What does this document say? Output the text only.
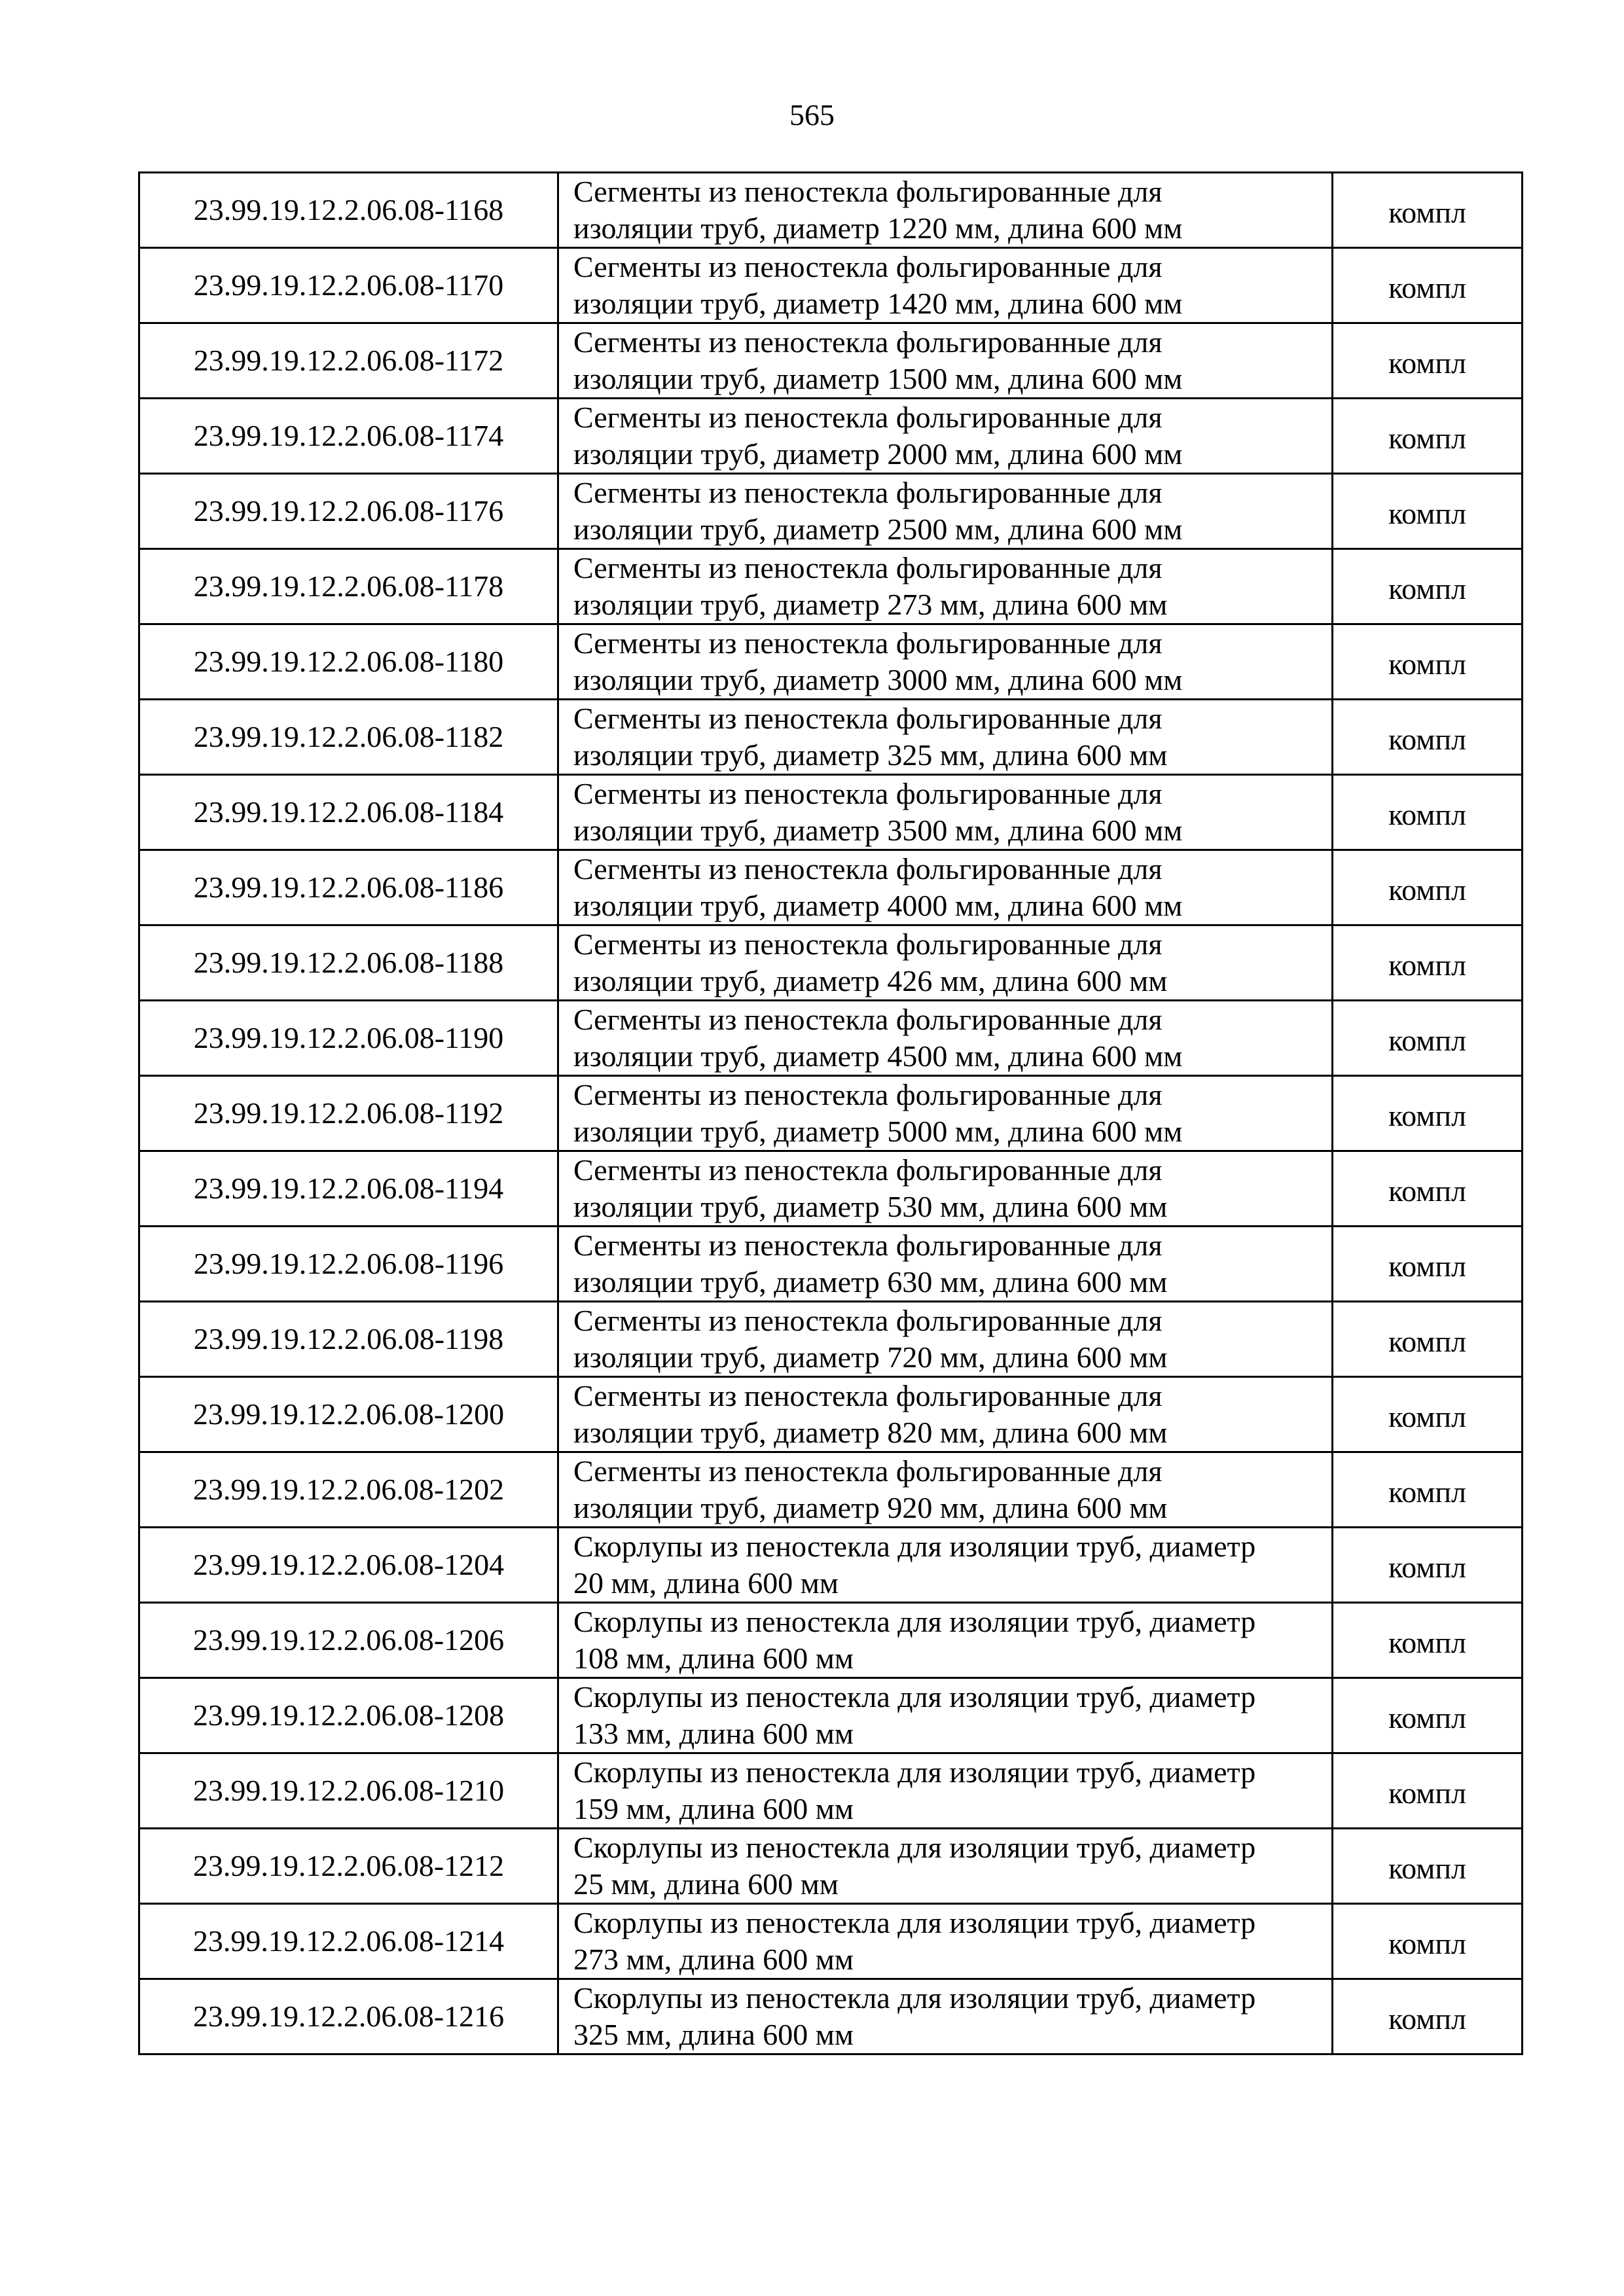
565
23.99.19.12.2.06.08-1168	Сегменты из пеностекла фольгированные для
изоляции труб, диаметр 1220 мм, длина 600 мм	компл
23.99.19.12.2.06.08-1170	Сегменты из пеностекла фольгированные для
изоляции труб, диаметр 1420 мм, длина 600 мм	компл
23.99.19.12.2.06.08-1172	Сегменты из пеностекла фольгированные для
изоляции труб, диаметр 1500 мм, длина 600 мм	компл
23.99.19.12.2.06.08-1174	Сегменты из пеностекла фольгированные для
изоляции труб, диаметр 2000 мм, длина 600 мм	компл
23.99.19.12.2.06.08-1176	Сегменты из пеностекла фольгированные для
изоляции труб, диаметр 2500 мм, длина 600 мм	компл
23.99.19.12.2.06.08-1178	Сегменты из пеностекла фольгированные для
изоляции труб, диаметр 273 мм, длина 600 мм	компл
23.99.19.12.2.06.08-1180	Сегменты из пеностекла фольгированные для
изоляции труб, диаметр 3000 мм, длина 600 мм	компл
23.99.19.12.2.06.08-1182	Сегменты из пеностекла фольгированные для
изоляции труб, диаметр 325 мм, длина 600 мм	компл
23.99.19.12.2.06.08-1184	Сегменты из пеностекла фольгированные для
изоляции труб, диаметр 3500 мм, длина 600 мм	компл
23.99.19.12.2.06.08-1186	Сегменты из пеностекла фольгированные для
изоляции труб, диаметр 4000 мм, длина 600 мм	компл
23.99.19.12.2.06.08-1188	Сегменты из пеностекла фольгированные для
изоляции труб, диаметр 426 мм, длина 600 мм	компл
23.99.19.12.2.06.08-1190	Сегменты из пеностекла фольгированные для
изоляции труб, диаметр 4500 мм, длина 600 мм	компл
23.99.19.12.2.06.08-1192	Сегменты из пеностекла фольгированные для
изоляции труб, диаметр 5000 мм, длина 600 мм	компл
23.99.19.12.2.06.08-1194	Сегменты из пеностекла фольгированные для
изоляции труб, диаметр 530 мм, длина 600 мм	компл
23.99.19.12.2.06.08-1196	Сегменты из пеностекла фольгированные для
изоляции труб, диаметр 630 мм, длина 600 мм	компл
23.99.19.12.2.06.08-1198	Сегменты из пеностекла фольгированные для
изоляции труб, диаметр 720 мм, длина 600 мм	компл
23.99.19.12.2.06.08-1200	Сегменты из пеностекла фольгированные для
изоляции труб, диаметр 820 мм, длина 600 мм	компл
23.99.19.12.2.06.08-1202	Сегменты из пеностекла фольгированные для
изоляции труб, диаметр 920 мм, длина 600 мм	компл
23.99.19.12.2.06.08-1204	Скорлупы из пеностекла для изоляции труб, диаметр
20 мм, длина 600 мм	компл
23.99.19.12.2.06.08-1206	Скорлупы из пеностекла для изоляции труб, диаметр
108 мм, длина 600 мм	компл
23.99.19.12.2.06.08-1208	Скорлупы из пеностекла для изоляции труб, диаметр
133 мм, длина 600 мм	компл
23.99.19.12.2.06.08-1210	Скорлупы из пеностекла для изоляции труб, диаметр
159 мм, длина 600 мм	компл
23.99.19.12.2.06.08-1212	Скорлупы из пеностекла для изоляции труб, диаметр
25 мм, длина 600 мм	компл
23.99.19.12.2.06.08-1214	Скорлупы из пеностекла для изоляции труб, диаметр
273 мм, длина 600 мм	компл
23.99.19.12.2.06.08-1216	Скорлупы из пеностекла для изоляции труб, диаметр
325 мм, длина 600 мм	компл
